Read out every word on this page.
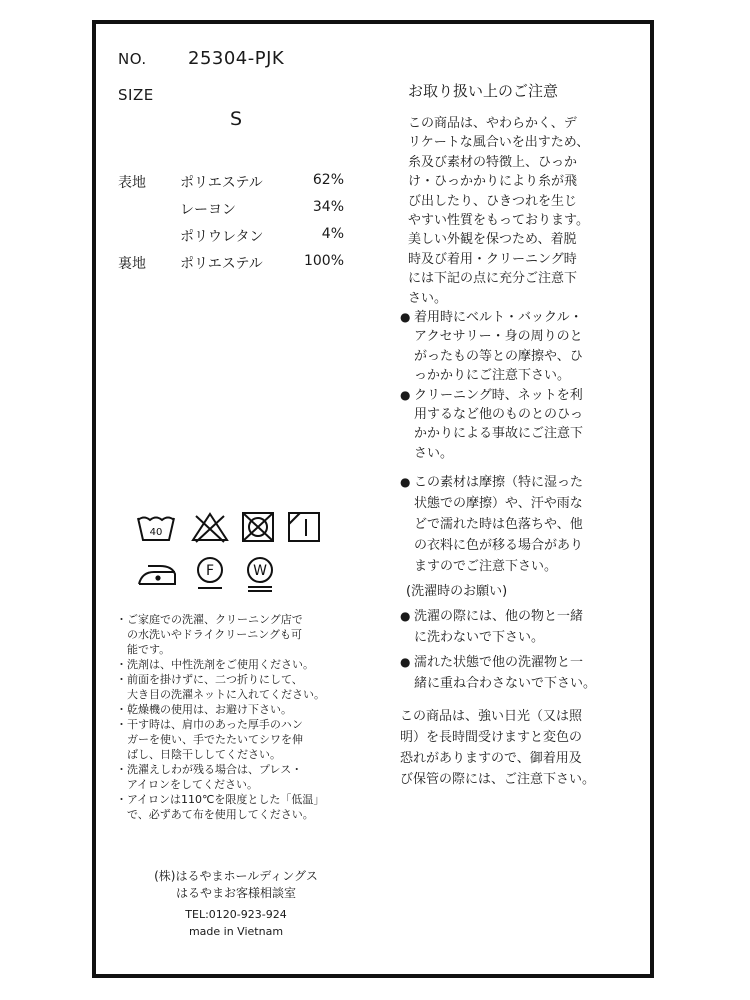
NO. 25304-PJK
SIZE
S
表地	ポリエステル	62%
レーヨン	34%
ポリウレタン	4%
裏地	ポリエステル	100%
40
F	W
・ご家庭での洗濯、クリーニング店で
　の水洗いやドライクリーニングも可
　能です。
・洗剤は、中性洗剤をご使用ください。
・前面を掛けずに、二つ折りにして、
　大き目の洗濯ネットに入れてください。
・乾燥機の使用は、お避け下さい。
・干す時は、肩巾のあった厚手のハン
　ガーを使い、手でたたいてシワを伸
　ばし、日陰干ししてください。
・洗濯えしわが残る場合は、プレス・
　アイロンをしてください。
・アイロンは110℃を限度とした「低温」
　で、必ずあて布を使用してください。
(株)はるやまホールディングス
はるやまお客様相談室
TEL:0120-923-924
made in Vietnam
お取り扱い上のご注意
この商品は、やわらかく、デ
リケートな風合いを出すため、
糸及び素材の特徴上、ひっか
け・ひっかかりにより糸が飛
び出したり、ひきつれを生じ
やすい性質をもっております。
美しい外観を保つため、着脱
時及び着用・クリーニング時
には下記の点に充分ご注意下
さい。
● 着用時にベルト・バックル・
アクセサリー・身の周りのと
がったもの等との摩擦や、ひ
っかかりにご注意下さい。
● クリーニング時、ネットを利
用するなど他のものとのひっ
かかりによる事故にご注意下
さい。
● この素材は摩擦（特に湿った
状態での摩擦）や、汗や雨な
どで濡れた時は色落ちや、他
の衣料に色が移る場合があり
ますのでご注意下さい。
(洗濯時のお願い)
● 洗濯の際には、他の物と一緒
に洗わないで下さい。
● 濡れた状態で他の洗濯物と一
緒に重ね合わさないで下さい。
この商品は、強い日光（又は照
明）を長時間受けますと変色の
恐れがありますので、御着用及
び保管の際には、ご注意下さい。
